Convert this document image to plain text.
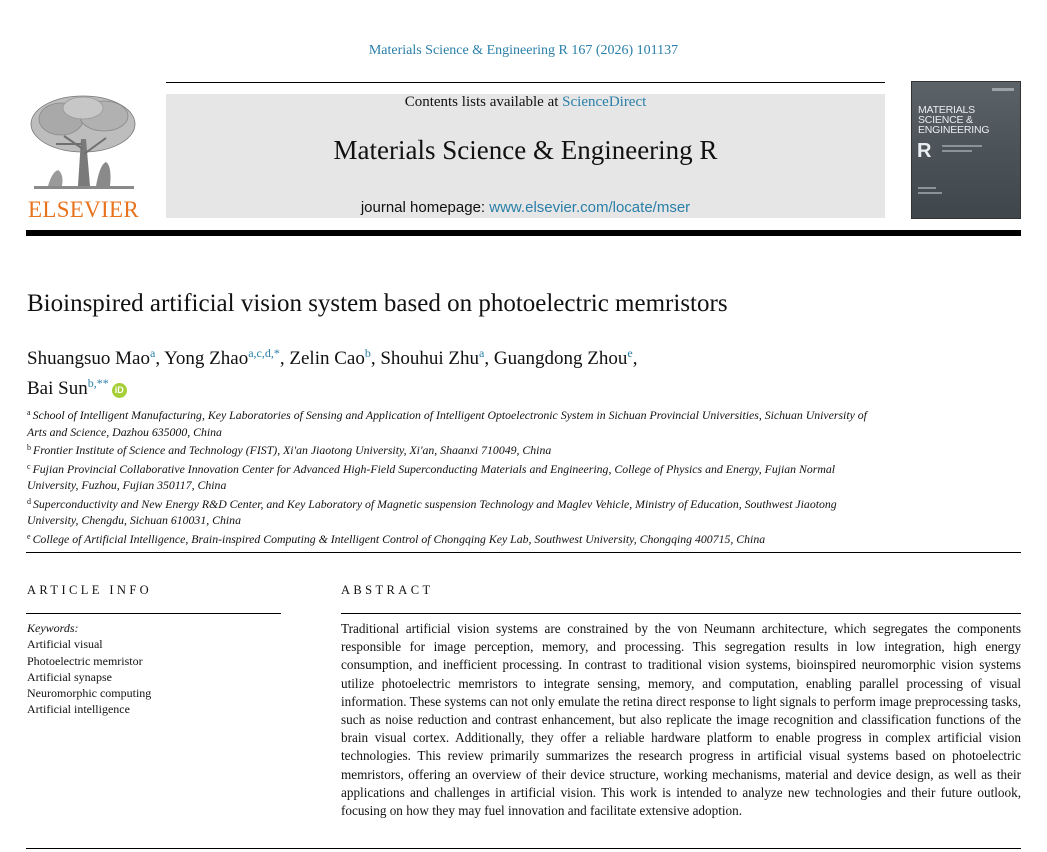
Materials Science & Engineering R 167 (2026) 101137
ELSEVIER
Contents lists available at ScienceDirect
Materials Science & Engineering R
journal homepage: www.elsevier.com/locate/mser
MATERIALS
SCIENCE &
ENGINEERING
R
Bioinspired artificial vision system based on photoelectric memristors
Shuangsuo Mao$^a$, Yong Zhao$^{a,c,d,*}$, Zelin Cao$^b$, Shouhui Zhu$^a$, Guangdong Zhou$^e$,
Bai Sun$^{b,**}$ iD
$^a$ School of Intelligent Manufacturing, Key Laboratories of Sensing and Application of Intelligent Optoelectronic System in Sichuan Provincial Universities, Sichuan University of Arts and Science, Dazhou 635000, China
$^b$ Frontier Institute of Science and Technology (FIST), Xi'an Jiaotong University, Xi'an, Shaanxi 710049, China
$^c$ Fujian Provincial Collaborative Innovation Center for Advanced High-Field Superconducting Materials and Engineering, College of Physics and Energy, Fujian Normal University, Fuzhou, Fujian 350117, China
$^d$ Superconductivity and New Energy R&D Center, and Key Laboratory of Magnetic suspension Technology and Maglev Vehicle, Ministry of Education, Southwest Jiaotong University, Chengdu, Sichuan 610031, China
$^e$ College of Artificial Intelligence, Brain-inspired Computing & Intelligent Control of Chongqing Key Lab, Southwest University, Chongqing 400715, China
ARTICLE INFO
Keywords:
Artificial visual
Photoelectric memristor
Artificial synapse
Neuromorphic computing
Artificial intelligence
ABSTRACT
Traditional artificial vision systems are constrained by the von Neumann architecture, which segregates the components responsible for image perception, memory, and processing. This segregation results in low integration, high energy consumption, and inefficient processing. In contrast to traditional vision systems, bioinspired neuromorphic vision systems utilize photoelectric memristors to integrate sensing, memory, and computation, enabling parallel processing of visual information. These systems can not only emulate the retina direct response to light signals to perform image preprocessing tasks, such as noise reduction and contrast enhancement, but also replicate the image recognition and classification functions of the brain visual cortex. Additionally, they offer a reliable hardware platform to enable progress in complex artificial vision technologies. This review primarily summarizes the research progress in artificial visual systems based on photoelectric memristors, offering an overview of their device structure, working mechanisms, material and device design, as well as their applications and challenges in artificial vision. This work is intended to analyze new technologies and their future outlook, focusing on how they may fuel innovation and facilitate extensive adoption.
